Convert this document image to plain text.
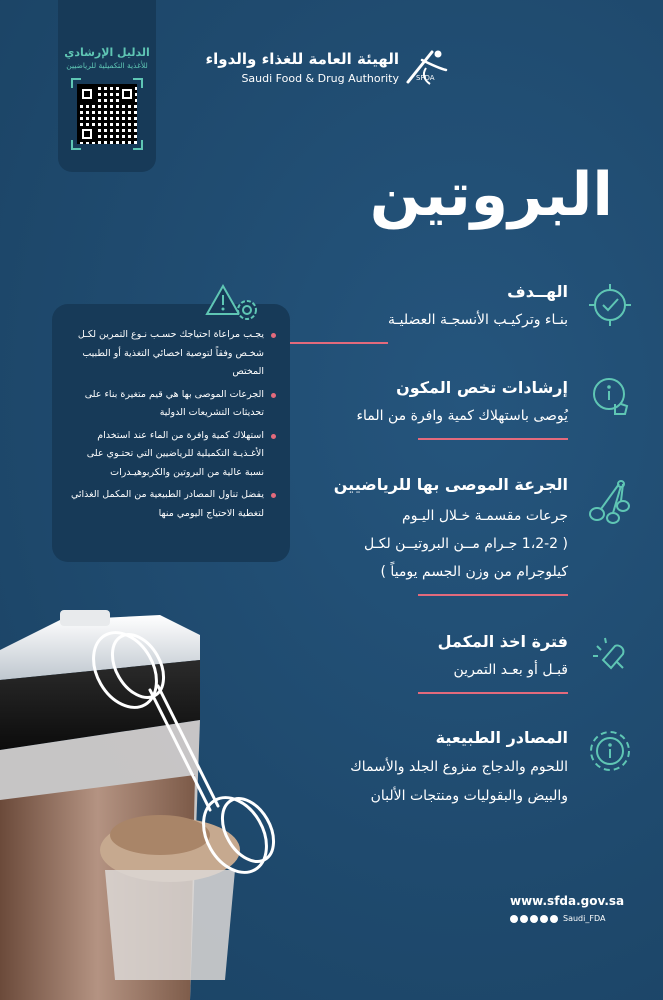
الدليل الإرشادي
للأغذية التكميلية للرياضيين	الهيئة العامة للغذاء والدواء
Saudi Food & Drug Authority SFDA
البروتين
الهــدف
بنـاء وتركيـب الأنسجـة العضليـة
إرشادات تخص المكون
يُوصى باستهلاك كمية وافرة من الماء
الجرعة الموصى بها للرياضيين
جرعات مقسمـة خـلال اليـوم
( 1،2-2 جـرام مــن البروتيــن لكـل
كيلوجرام من وزن الجسم يومياً )
فترة اخذ المكمل
قبـل أو بعـد التمرين
المصادر الطبيعية
اللحوم والدجاج منزوع الجلد والأسماك
والبيض والبقوليات ومنتجات الألبان
يجـب مراعاة احتياجك حسـب نـوع التمرين لكـل شخـص وفقاً لتوصية اخصائي التغذية أو الطبيب المختص
الجرعات الموصى بها هي قيم متغيرة بناء على تحديثات التشريعات الدولية
استهلاك كمية وافرة من الماء عند استخدام الأغـذيـة التكميلية للرياضيين التي تحتـوي على نسبة عالية من البروتين والكربوهيـدرات
يفضل تناول المصادر الطبيعية من المكمل الغذائي لتغطية الاحتياج اليومي منها
www.sfda.gov.sa
Saudi_FDA
